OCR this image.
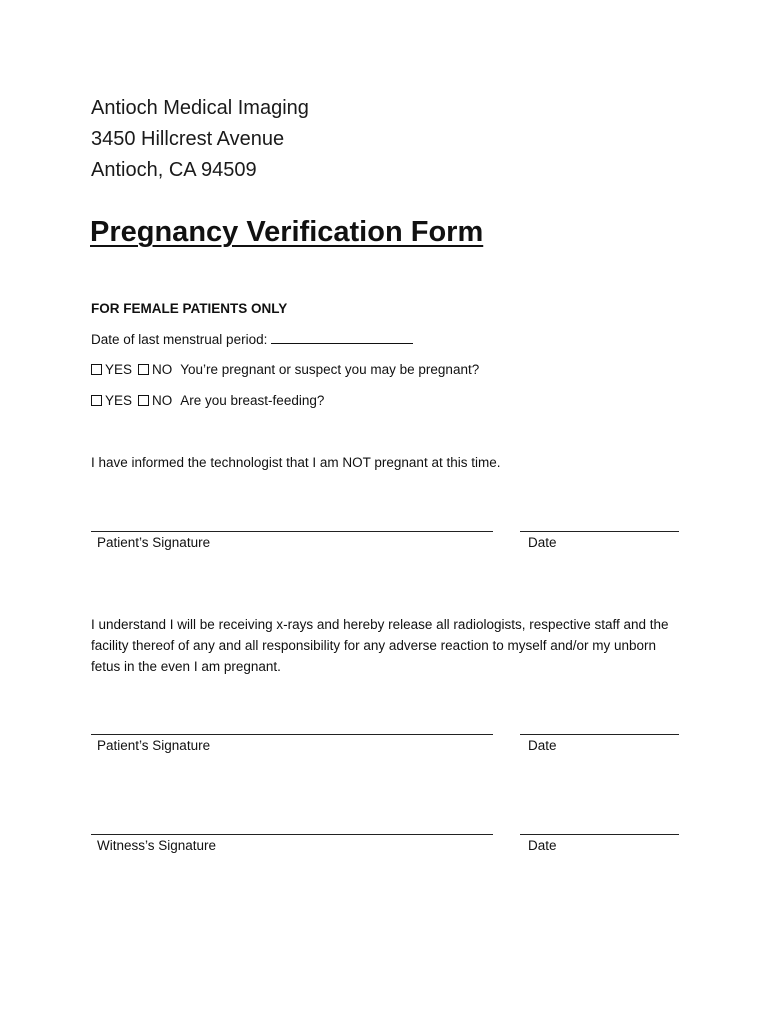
Antioch Medical Imaging
3450 Hillcrest Avenue
Antioch, CA 94509
Pregnancy Verification Form
FOR FEMALE PATIENTS ONLY
Date of last menstrual period:
YES NO You’re pregnant or suspect you may be pregnant?
YES NO Are you breast-feeding?
I have informed the technologist that I am NOT pregnant at this time.
Patient’s Signature	Date
I understand I will be receiving x-rays and hereby release all radiologists, respective staff and the facility thereof of any and all responsibility for any adverse reaction to myself and/or my unborn fetus in the even I am pregnant.
Patient’s Signature	Date
Witness’s Signature	Date
